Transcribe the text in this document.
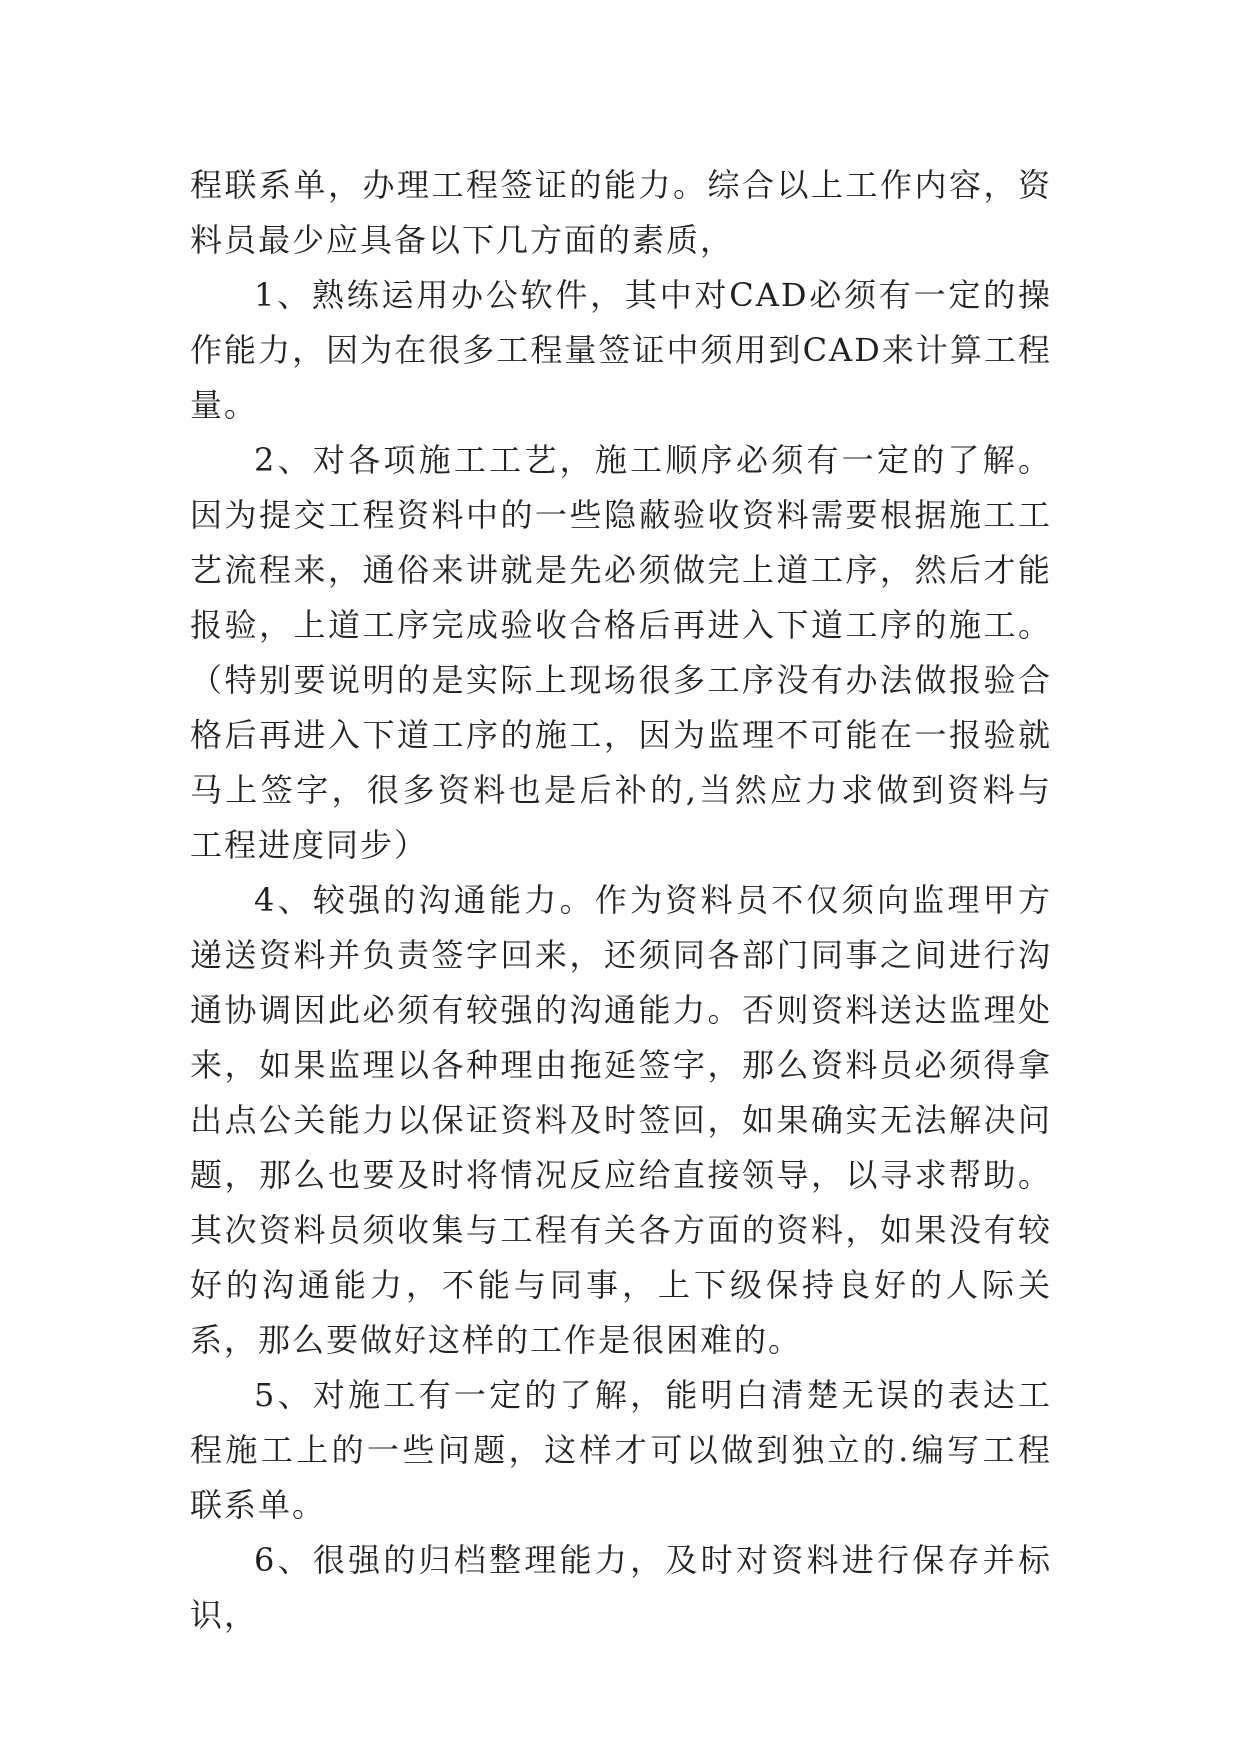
程联系单，办理工程签证的能力。综合以上工作内容，资料员最少应具备以下几方面的素质，

1、熟练运用办公软件，其中对CAD必须有一定的操作能力，因为在很多工程量签证中须用到CAD来计算工程量。

2、对各项施工工艺，施工顺序必须有一定的了解。因为提交工程资料中的一些隐蔽验收资料需要根据施工工艺流程来，通俗来讲就是先必须做完上道工序，然后才能报验，上道工序完成验收合格后再进入下道工序的施工。（特别要说明的是实际上现场很多工序没有办法做报验合格后再进入下道工序的施工，因为监理不可能在一报验就马上签字，很多资料也是后补的,当然应力求做到资料与工程进度同步）

4、较强的沟通能力。作为资料员不仅须向监理甲方递送资料并负责签字回来，还须同各部门同事之间进行沟通协调因此必须有较强的沟通能力。否则资料送达监理处来，如果监理以各种理由拖延签字，那么资料员必须得拿出点公关能力以保证资料及时签回，如果确实无法解决问题，那么也要及时将情况反应给直接领导，以寻求帮助。其次资料员须收集与工程有关各方面的资料，如果没有较好的沟通能力，不能与同事，上下级保持良好的人际关系，那么要做好这样的工作是很困难的。

5、对施工有一定的了解，能明白清楚无误的表达工程施工上的一些问题，这样才可以做到独立的.编写工程联系单。

6、很强的归档整理能力，及时对资料进行保存并标识，
